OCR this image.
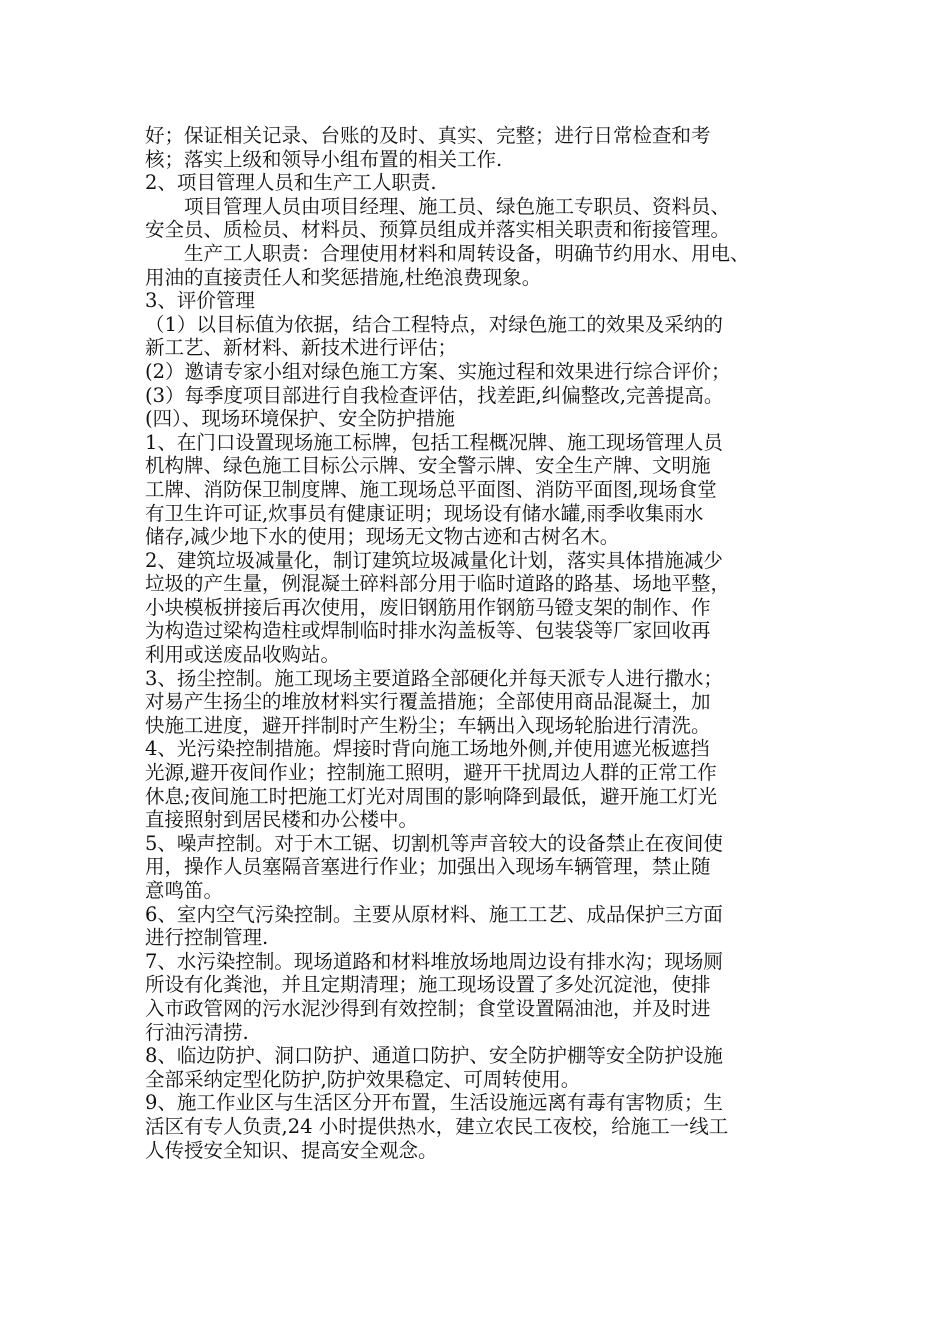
好；保证相关记录、台账的及时、真实、完整；进行日常检查和考

核；落实上级和领导小组布置的相关工作.

2、项目管理人员和生产工人职责.

　　项目管理人员由项目经理、施工员、绿色施工专职员、资料员、

安全员、质检员、材料员、预算员组成并落实相关职责和衔接管理。

　　生产工人职责：合理使用材料和周转设备，明确节约用水、用电、

用油的直接责任人和奖惩措施,杜绝浪费现象。

3、评价管理

（1）以目标值为依据，结合工程特点，对绿色施工的效果及采纳的

新工艺、新材料、新技术进行评估；

(2）邀请专家小组对绿色施工方案、实施过程和效果进行综合评价；

(3）每季度项目部进行自我检查评估，找差距,纠偏整改,完善提高。

(四）、现场环境保护、安全防护措施

1、在门口设置现场施工标牌，包括工程概况牌、施工现场管理人员

机构牌、绿色施工目标公示牌、安全警示牌、安全生产牌、文明施

工牌、消防保卫制度牌、施工现场总平面图、消防平面图,现场食堂

有卫生许可证,炊事员有健康证明；现场设有储水罐,雨季收集雨水

储存,减少地下水的使用；现场无文物古迹和古树名木。

2、建筑垃圾减量化，制订建筑垃圾减量化计划，落实具体措施减少

垃圾的产生量，例混凝土碎料部分用于临时道路的路基、场地平整，

小块模板拼接后再次使用，废旧钢筋用作钢筋马镫支架的制作、作

为构造过梁构造柱或焊制临时排水沟盖板等、包装袋等厂家回收再

利用或送废品收购站。

3、扬尘控制。施工现场主要道路全部硬化并每天派专人进行撒水；

对易产生扬尘的堆放材料实行覆盖措施；全部使用商品混凝土，加

快施工进度，避开拌制时产生粉尘；车辆出入现场轮胎进行清洗。

4、光污染控制措施。焊接时背向施工场地外侧,并使用遮光板遮挡

光源,避开夜间作业；控制施工照明，避开干扰周边人群的正常工作

休息;夜间施工时把施工灯光对周围的影响降到最低，避开施工灯光

直接照射到居民楼和办公楼中。

5、噪声控制。对于木工锯、切割机等声音较大的设备禁止在夜间使

用，操作人员塞隔音塞进行作业；加强出入现场车辆管理，禁止随

意鸣笛。

6、室内空气污染控制。主要从原材料、施工工艺、成品保护三方面

进行控制管理.

7、水污染控制。现场道路和材料堆放场地周边设有排水沟；现场厕

所设有化粪池，并且定期清理；施工现场设置了多处沉淀池，使排

入市政管网的污水泥沙得到有效控制；食堂设置隔油池，并及时进

行油污清捞.

8、临边防护、洞口防护、通道口防护、安全防护棚等安全防护设施

全部采纳定型化防护,防护效果稳定、可周转使用。

9、施工作业区与生活区分开布置，生活设施远离有毒有害物质；生

活区有专人负责,24 小时提供热水，建立农民工夜校，给施工一线工

人传授安全知识、提高安全观念。
